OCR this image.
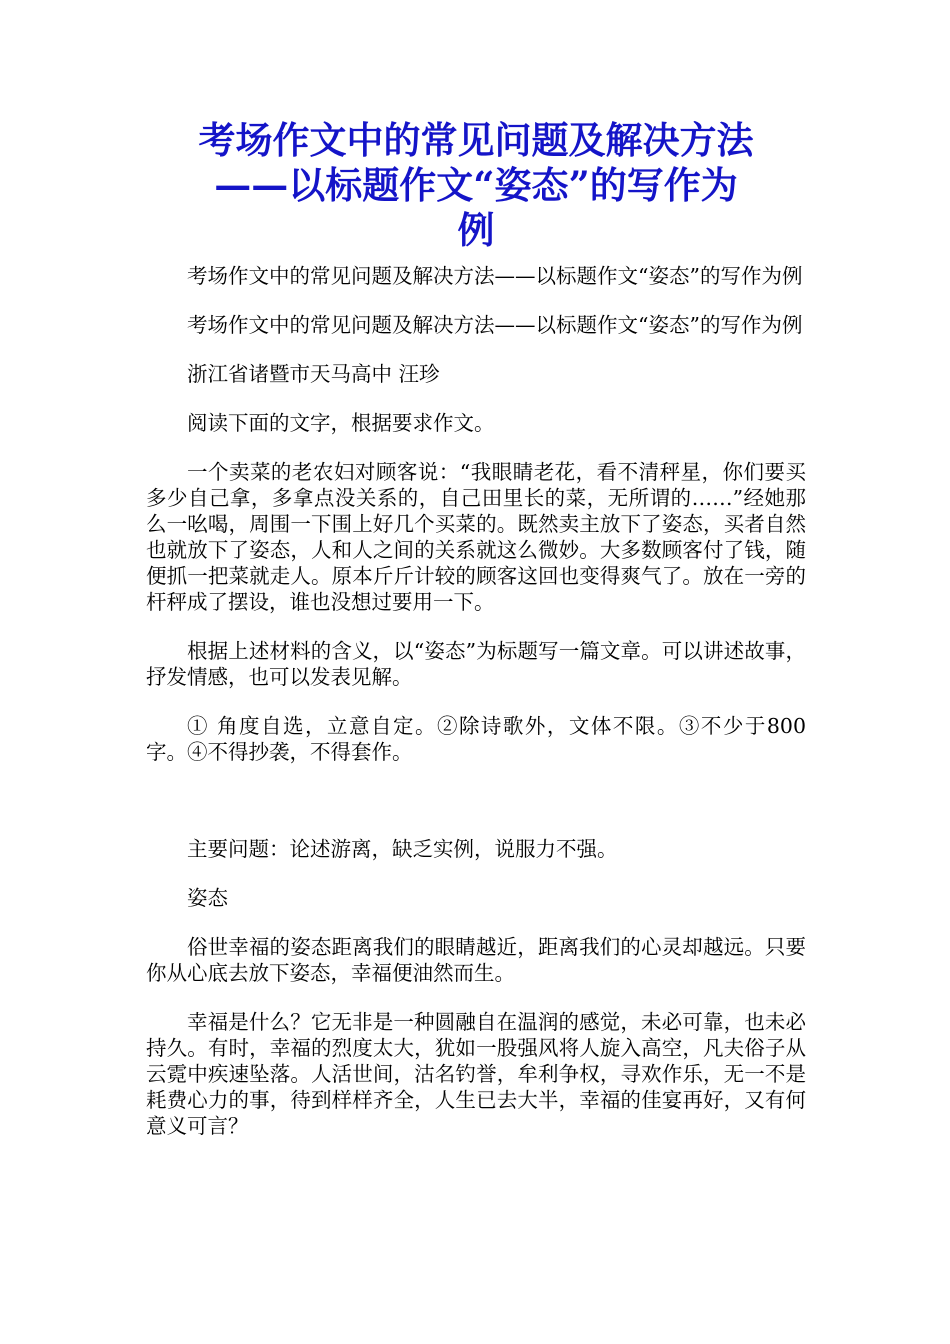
考场作文中的常见问题及解决方法
——以标题作文“姿态”的写作为
例

考场作文中的常见问题及解决方法——以标题作文“姿态”的写作为例

考场作文中的常见问题及解决方法——以标题作文“姿态”的写作为例

浙江省诸暨市天马高中 汪珍

阅读下面的文字，根据要求作文。

一个卖菜的老农妇对顾客说：“我眼睛老花，看不清秤星，你们要买多少自己拿，多拿点没关系的，自己田里长的菜，无所谓的……”经她那么一吆喝，周围一下围上好几个买菜的。既然卖主放下了姿态，买者自然也就放下了姿态，人和人之间的关系就这么微妙。大多数顾客付了钱，随便抓一把菜就走人。原本斤斤计较的顾客这回也变得爽气了。放在一旁的杆秤成了摆设，谁也没想过要用一下。

根据上述材料的含义，以“姿态”为标题写一篇文章。可以讲述故事，抒发情感，也可以发表见解。

① 角度自选，立意自定。②除诗歌外，文体不限。③不少于800字。④不得抄袭，不得套作。

主要问题：论述游离，缺乏实例，说服力不强。

姿态

俗世幸福的姿态距离我们的眼睛越近，距离我们的心灵却越远。只要你从心底去放下姿态，幸福便油然而生。

幸福是什么？它无非是一种圆融自在温润的感觉，未必可靠，也未必持久。有时，幸福的烈度太大，犹如一股强风将人旋入高空，凡夫俗子从云霓中疾速坠落。人活世间，沽名钓誉，牟利争权，寻欢作乐，无一不是耗费心力的事，待到样样齐全，人生已去大半，幸福的佳宴再好，又有何意义可言？
